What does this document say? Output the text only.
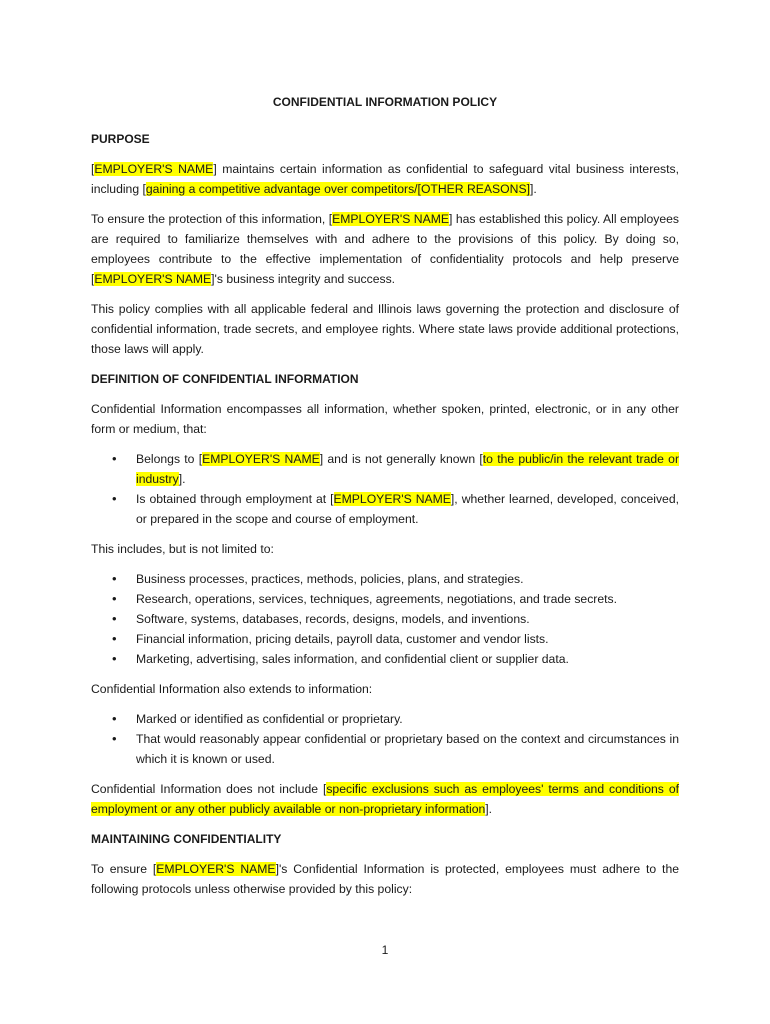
CONFIDENTIAL INFORMATION POLICY
PURPOSE

[EMPLOYER'S NAME] maintains certain information as confidential to safeguard vital business interests, including [gaining a competitive advantage over competitors/[OTHER REASONS]].

To ensure the protection of this information, [EMPLOYER'S NAME] has established this policy. All employees are required to familiarize themselves with and adhere to the provisions of this policy. By doing so, employees contribute to the effective implementation of confidentiality protocols and help preserve [EMPLOYER'S NAME]'s business integrity and success.

This policy complies with all applicable federal and Illinois laws governing the protection and disclosure of confidential information, trade secrets, and employee rights. Where state laws provide additional protections, those laws will apply.

DEFINITION OF CONFIDENTIAL INFORMATION

Confidential Information encompasses all information, whether spoken, printed, electronic, or in any other form or medium, that:

• Belongs to [EMPLOYER'S NAME] and is not generally known [to the public/in the relevant trade or industry].
• Is obtained through employment at [EMPLOYER'S NAME], whether learned, developed, conceived, or prepared in the scope and course of employment.

This includes, but is not limited to:

• Business processes, practices, methods, policies, plans, and strategies.
• Research, operations, services, techniques, agreements, negotiations, and trade secrets.
• Software, systems, databases, records, designs, models, and inventions.
• Financial information, pricing details, payroll data, customer and vendor lists.
• Marketing, advertising, sales information, and confidential client or supplier data.

Confidential Information also extends to information:

• Marked or identified as confidential or proprietary.
• That would reasonably appear confidential or proprietary based on the context and circumstances in which it is known or used.

Confidential Information does not include [specific exclusions such as employees' terms and conditions of employment or any other publicly available or non-proprietary information].

MAINTAINING CONFIDENTIALITY

To ensure [EMPLOYER'S NAME]'s Confidential Information is protected, employees must adhere to the following protocols unless otherwise provided by this policy:

1
